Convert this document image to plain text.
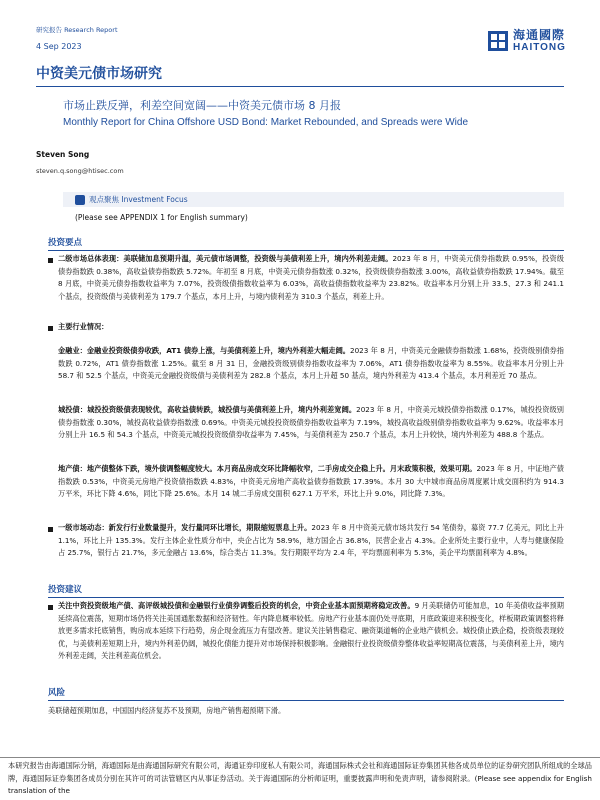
研究报告 Research Report
4 Sep 2023
海通國際
HAITONG
中资美元债市场研究
市场止跌反弹，利差空间宽阔——中资美元债市场 8 月报
Monthly Report for China Offshore USD Bond: Market Rebounded, and Spreads were Wide
Steven Song
steven.q.song@htisec.com
观点聚焦 Investment Focus
(Please see APPENDIX 1 for English summary)
投资要点
二级市场总体表现：美联储加息预期升温，美元债市场调整，投资级与美债利差上升，境内外利差走阔。2023 年 8 月，中资美元债券指数跌 0.95%，投资级债券指数跌 0.38%，高收益债券指数跌 5.72%。年初至 8 月底，中资美元债券指数涨 0.32%，投资级债券指数涨 3.00%，高收益债券指数跌 17.94%。截至 8 月底，中资美元债券指数收益率为 7.07%，投资级债指数收益率为 6.03%，高收益债指数收益率为 23.82%。收益率本月分别上升 33.5、27.3 和 241.1 个基点，投资级债与美债利差为 179.7 个基点，本月上升，与境内债利差为 310.3 个基点，利差上升。
主要行业情况：
金融业：金融业投资级债券收跌，AT1 债券上涨，与美债利差上升，境内外利差大幅走阔。2023 年 8 月，中资美元金融债券指数涨 1.68%，投资级别债券指数跌 0.72%，AT1 债券指数涨 1.25%。截至 8 月 31 日，金融投资级别债券指数收益率为 7.06%，AT1 债券指数收益率为 8.55%。收益率本月分别上升 58.7 和 52.5 个基点，中资美元金融投资级债与美债利差为 282.8 个基点，本月上升超 50 基点，境内外利差为 413.4 个基点，本月利差近 70 基点。
城投债：城投投资级债表现较优，高收益债转跌，城投债与美债利差上升，境内外利差宽阔。2023 年 8 月，中资美元城投债券指数涨 0.17%，城投投资级别债券指数涨 0.30%，城投高收益债券指数涨 0.69%。中资美元城投投资级债券指数收益率为 7.19%，城投高收益级别债券指数收益率为 9.62%。收益率本月分别上升 16.5 和 54.3 个基点，中资美元城投投资级债券收益率为 7.45%，与美债利差为 250.7 个基点，本月上升较快，境内外利差为 488.8 个基点。
地产债：地产债整体下跌，境外债调整幅度较大。本月商品房成交环比降幅收窄，二手房成交企稳上升。月末政策积极，效果可期。2023 年 8 月，中证地产债指数跌 0.53%，中资美元房地产投资债指数跌 4.83%，中资美元房地产高收益债券指数跌 17.39%。本月 30 大中城市商品房周度累计成交面积约为 914.3 万平米，环比下降 4.6%，同比下降 25.6%。本月 14 城二手房成交面积 627.1 万平米，环比上升 9.0%，同比降 7.3%。
一级市场动态：新发行行业数量提升，发行量同环比增长，期限缩短票息上升。2023 年 8 月中资美元债市场共发行 54 笔债券，募资 77.7 亿美元，同比上升 1.1%，环比上升 135.3%。发行主体企业性质分布中，央企占比为 58.9%，地方国企占 36.8%，民营企业占 4.3%。企业所处主要行业中，人寿与健康保险占 25.7%，银行占 21.7%，多元金融占 13.6%，综合类占 11.3%。发行期限平均为 2.4 年，平均票面利率为 5.3%，美企平均票面利率为 4.8%。
投资建议
关注中资投资级地产债、高评级城投债和金融银行业债券调整后投资的机会，中资企业基本面预期将稳定改善。9 月美联储仍可能加息，10 年美债收益率预期延续高位震荡，短期市场仍将关注美国通胀数据和经济韧性。年内降息概率较低。房地产行业基本面仍处寻底期，月底政策迎来积极变化，样板期政策调整将释放更多需求托底销售，购房成本延续下行趋势，房企现金流压力有望改善。建议关注销售稳定、融资渠道畅的企业地产债机会。城投债止跌企稳，投资级表现较优，与美债利差短期上升，境内外利差仍阔，城投化债能力提升对市场保持积极影响。金融银行业投资级债券整体收益率短期高位震荡，与美债利差上升，境内外利差走阔，关注利差高位机会。
风险
美联储超预期加息，中国国内经济复苏不及预期，房地产销售超预期下滑。
本研究报告由海通国际分销，海通国际是由海通国际研究有限公司，海通证券印度私人有限公司，海通国际株式会社和海通国际证券集团其他各成员单位的证券研究团队所组成的全球品牌，海通国际证券集团各成员分别在其许可的司法管辖区内从事证券活动。关于海通国际的分析师证明，重要披露声明和免责声明，请参阅附录。(Please see appendix for English translation of the
